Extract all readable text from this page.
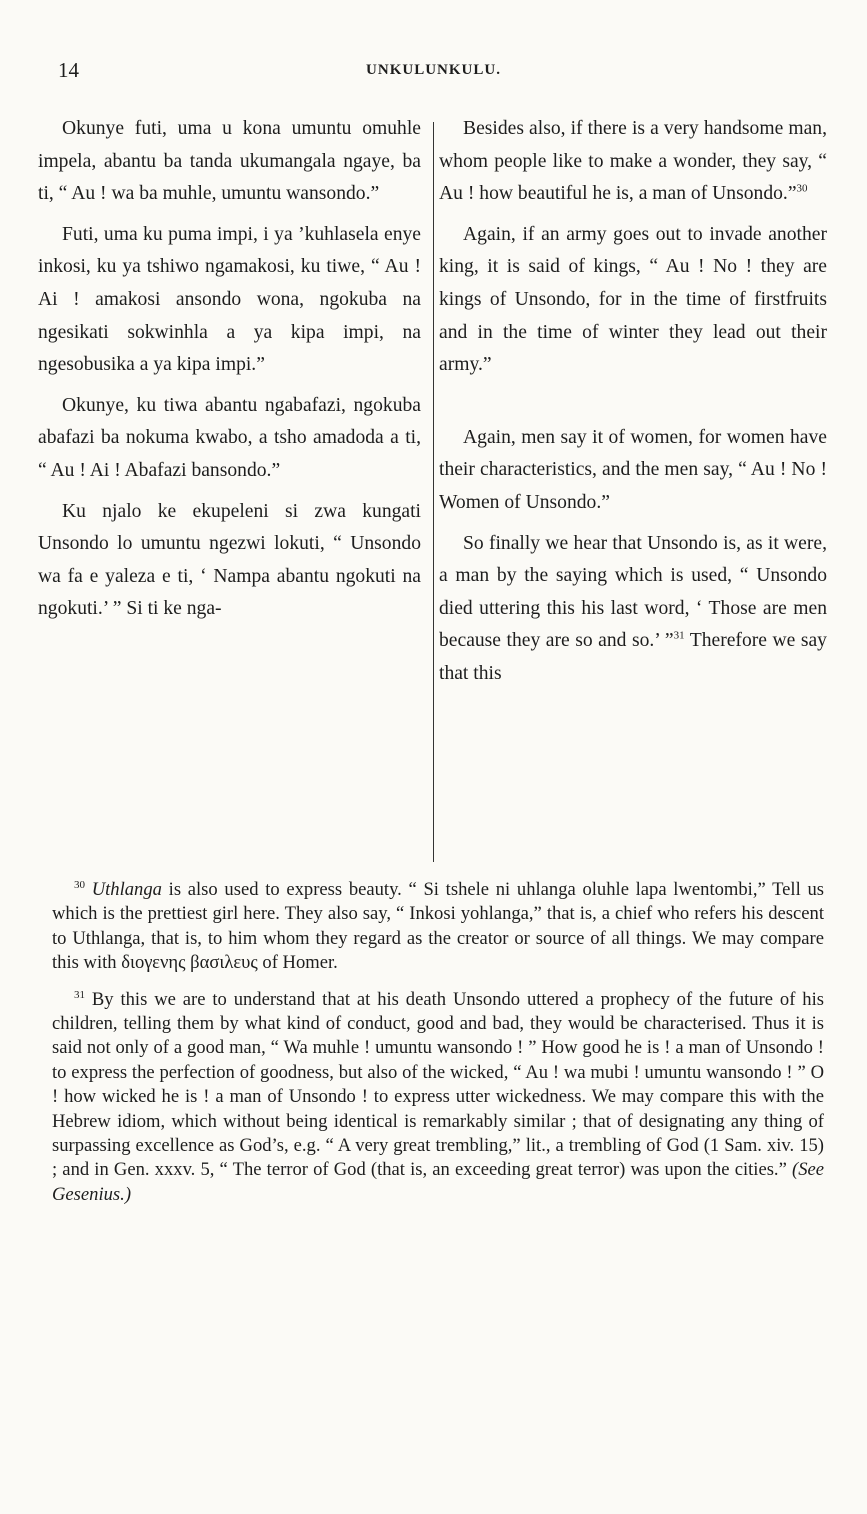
14	UNKULUNKULU.

Okunye futi, uma u kona umuntu omuhle impela, abantu ba tanda ukumangala ngaye, ba ti, “ Au ! wa ba muhle, umuntu wansondo.”

Futi, uma ku puma impi, i ya ’kuhlasela enye inkosi, ku ya tshiwo ngamakosi, ku tiwe, “ Au ! Ai ! amakosi ansondo wona, ngokuba na ngesikati sokwinhla a ya kipa impi, na ngesobusika a ya kipa impi.”

Okunye, ku tiwa abantu ngabafazi, ngokuba abafazi ba nokuma kwabo, a tsho amadoda a ti, “ Au ! Ai ! Abafazi bansondo.”

Ku njalo ke ekupeleni si zwa kungati Unsondo lo umuntu ngezwi lokuti, “ Unsondo wa fa e yaleza e ti, ‘ Nampa abantu ngokuti na ngokuti.’ ” Si ti ke nga-

Besides also, if there is a very handsome man, whom people like to make a wonder, they say, “ Au ! how beautiful he is, a man of Unsondo.”$^{30}$

Again, if an army goes out to invade another king, it is said of kings, “ Au ! No ! they are kings of Unsondo, for in the time of firstfruits and in the time of winter they lead out their army.”

Again, men say it of women, for women have their characteristics, and the men say, “ Au ! No ! Women of Unsondo.”

So finally we hear that Unsondo is, as it were, a man by the saying which is used, “ Unsondo died uttering this his last word, ‘ Those are men because they are so and so.’ ”$^{31}$ Therefore we say that this

$^{30}$ Uthlanga is also used to express beauty. “ Si tshele ni uhlanga oluhle lapa lwentombi,” Tell us which is the prettiest girl here. They also say, “ Inkosi yohlanga,” that is, a chief who refers his descent to Uthlanga, that is, to him whom they regard as the creator or source of all things. We may compare this with διογενης βασιλευς of Homer.

$^{31}$ By this we are to understand that at his death Unsondo uttered a prophecy of the future of his children, telling them by what kind of conduct, good and bad, they would be characterised. Thus it is said not only of a good man, “ Wa muhle ! umuntu wansondo ! ” How good he is ! a man of Unsondo ! to express the perfection of goodness, but also of the wicked, “ Au ! wa mubi ! umuntu wansondo ! ” O ! how wicked he is ! a man of Unsondo ! to express utter wickedness. We may compare this with the Hebrew idiom, which without being identical is remarkably similar ; that of designating any thing of surpassing excellence as God’s, e.g. “ A very great trembling,” lit., a trembling of God (1 Sam. xiv. 15) ; and in Gen. xxxv. 5, “ The terror of God (that is, an exceeding great terror) was upon the cities.” (See Gesenius.)
